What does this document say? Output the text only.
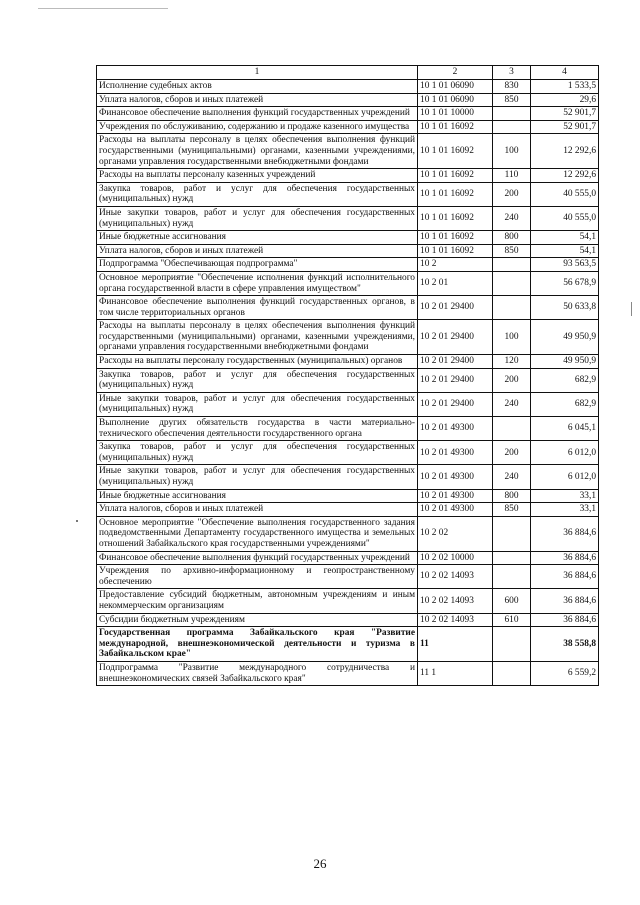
1	2	3	4
Исполнение судебных актов	10 1 01 06090	830	1 533,5
Уплата налогов, сборов и иных платежей	10 1 01 06090	850	29,6
Финансовое обеспечение выполнения функций государственных учреждений	10 1 01 10000		52 901,7
Учреждения по обслуживанию, содержанию и продаже казенного имущества	10 1 01 16092		52 901,7
Расходы на выплаты персоналу в целях обеспечения выполнения функций государственными (муниципальными) органами, казенными учреждениями, органами управления государственными внебюджетными фондами	10 1 01 16092	100	12 292,6
Расходы на выплаты персоналу казенных учреждений	10 1 01 16092	110	12 292,6
Закупка товаров, работ и услуг для обеспечения государственных (муниципальных) нужд	10 1 01 16092	200	40 555,0
Иные закупки товаров, работ и услуг для обеспечения государственных (муниципальных) нужд	10 1 01 16092	240	40 555,0
Иные бюджетные ассигнования	10 1 01 16092	800	54,1
Уплата налогов, сборов и иных платежей	10 1 01 16092	850	54,1
Подпрограмма "Обеспечивающая подпрограмма"	10 2		93 563,5
Основное мероприятие "Обеспечение исполнения функций исполнительного органа государственной власти в сфере управления имуществом"	10 2 01		56 678,9
Финансовое обеспечение выполнения функций государственных органов, в том числе территориальных органов	10 2 01 29400		50 633,8
Расходы на выплаты персоналу в целях обеспечения выполнения функций государственными (муниципальными) органами, казенными учреждениями, органами управления государственными внебюджетными фондами	10 2 01 29400	100	49 950,9
Расходы на выплаты персоналу государственных (муниципальных) органов	10 2 01 29400	120	49 950,9
Закупка товаров, работ и услуг для обеспечения государственных (муниципальных) нужд	10 2 01 29400	200	682,9
Иные закупки товаров, работ и услуг для обеспечения государственных (муниципальных) нужд	10 2 01 29400	240	682,9
Выполнение других обязательств государства в части материально-технического обеспечения деятельности государственного органа	10 2 01 49300		6 045,1
Закупка товаров, работ и услуг для обеспечения государственных (муниципальных) нужд	10 2 01 49300	200	6 012,0
Иные закупки товаров, работ и услуг для обеспечения государственных (муниципальных) нужд	10 2 01 49300	240	6 012,0
Иные бюджетные ассигнования	10 2 01 49300	800	33,1
Уплата налогов, сборов и иных платежей	10 2 01 49300	850	33,1
Основное мероприятие "Обеспечение выполнения государственного задания подведомственными Департаменту государственного имущества и земельных отношений Забайкальского края государственными учреждениями"	10 2 02		36 884,6
Финансовое обеспечение выполнения функций государственных учреждений	10 2 02 10000		36 884,6
Учреждения по архивно-информационному и геопространственному обеспечению	10 2 02 14093		36 884,6
Предоставление субсидий бюджетным, автономным учреждениям и иным некоммерческим организациям	10 2 02 14093	600	36 884,6
Субсидии бюджетным учреждениям	10 2 02 14093	610	36 884,6
Государственная программа Забайкальского края "Развитие международной, внешнеэкономической деятельности и туризма в Забайкальском крае"	11		38 558,8
Подпрограмма "Развитие международного сотрудничества и внешнеэкономических связей Забайкальского края"	11 1		6 559,2
26
